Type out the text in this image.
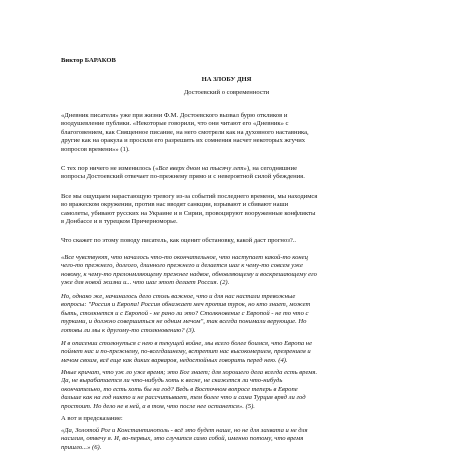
Виктор БАРАКОВ
НА ЗЛОБУ ДНЯ
Достоевский о современности
«Дневник писателя» уже при жизни Ф.М. Достоевского вызвал бурю откликов и
воодушевление публики. «Некоторые говорили, что они читают его «Дневник» с
благоговением, как Священное писание, на него смотрели как на духовного наставника,
другие как на оракула и просили его разрешить их сомнения насчет некоторых жгучих
вопросов времени»» (1).
С тех пор ничего не изменилось («Все вверх дном на тысячу лет»), на сегодняшние
вопросы Достоевский отвечает по-прежнему прямо и с невероятной силой убеждения.
Все мы ощущаем нарастающую тревогу из-за событий последнего времени, мы находимся
во вражеском окружении, против нас вводят санкции, взрывают и сбивают наши
самолеты, убивают русских на Украине и в Сирии, провоцируют вооруженные конфликты
в Донбассе и в турецком Причерноморье.
Что скажет по этому поводу писатель, как оценит обстановку, какой даст прогноз?..
«Все чувствуют, что началось что-то окончательное, что наступает какой-то конец
чего-то прежнего, долгого, длинного прежнего и делается шаг к чему-то совсем уже
новому, к чему-то прелонмляющему прежнее надвое, обновляющему и воскрешающему его
уже для новой жизни и... что шаг этот делает Россия. (2).
Но, однако же, начиналось дело столь важное, что и для нас настали тревожные
вопросы: "Россия и Европа! Россия обнажает меч против турок, но кто знает, может
быть, столкнется и с Европой - не рано ли это? Столкновение с Европой - не то что с
турками, и должно совершиться не одним мечом", так всегда понимали верующие. Но
готовы ли мы к другому-то столкновению? (3).
И в опасении столкнуться с нею в текущей войне, мы всего более боимся, что Европа не
поймет нас и по-прежнему, по-всегдашнему, встретит нас высокомерием, презрением и
мечом своим, всё еще как диких варваров, недостойных говорить перед нею. (4).
Иные кричат, что уж ло уже время; это Бог знает; для хорошего дела всегда есть время.
Да, не вырабатается ли что-нибудь хоть к весне, не скажется ли что-нибудь
окончательно, то есть хоть бы на год? Ведь в Восточном вопросе теперь в Европе
дальше как на год никто и не рассчитывает, тем более что и сама Турция вряд ли год
простоит. Но дело не в ней, а в том, что после нее останется». (5).
А вот и предсказание:
«Да, Золотой Рог и Константинополь - всё это будет наше, но не для захвата и не для
насилия, отвечу я. И, во-первых, это случится само собой, именно потому, что время
пришло...» (6).
